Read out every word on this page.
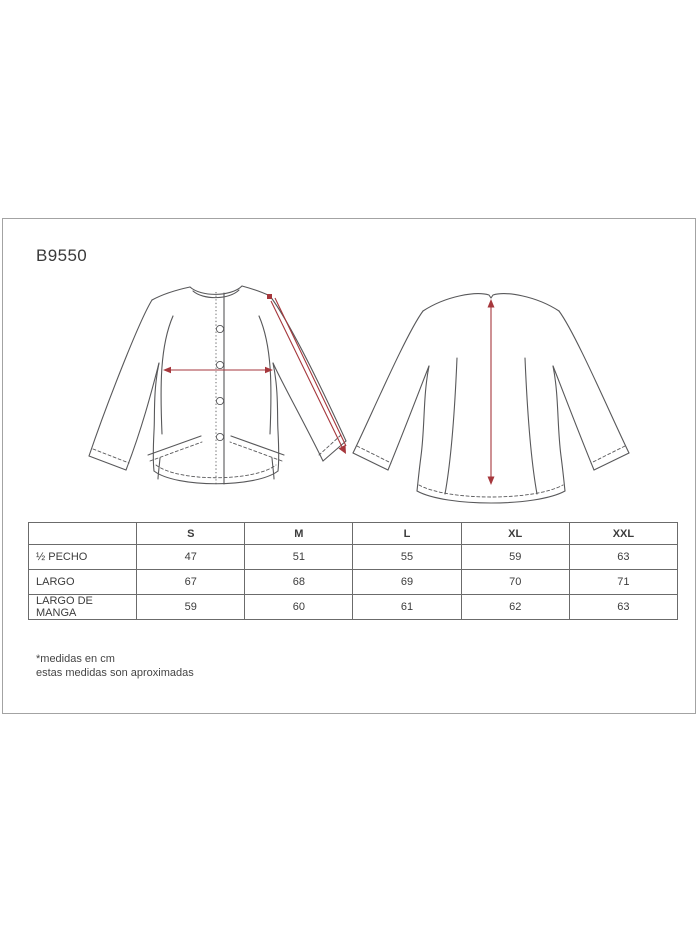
B9550
	S	M	L	XL	XXL
½ PECHO	47	51	55	59	63
LARGO	67	68	69	70	71
LARGO DE MANGA	59	60	61	62	63
*medidas en cm
estas medidas son aproximadas
